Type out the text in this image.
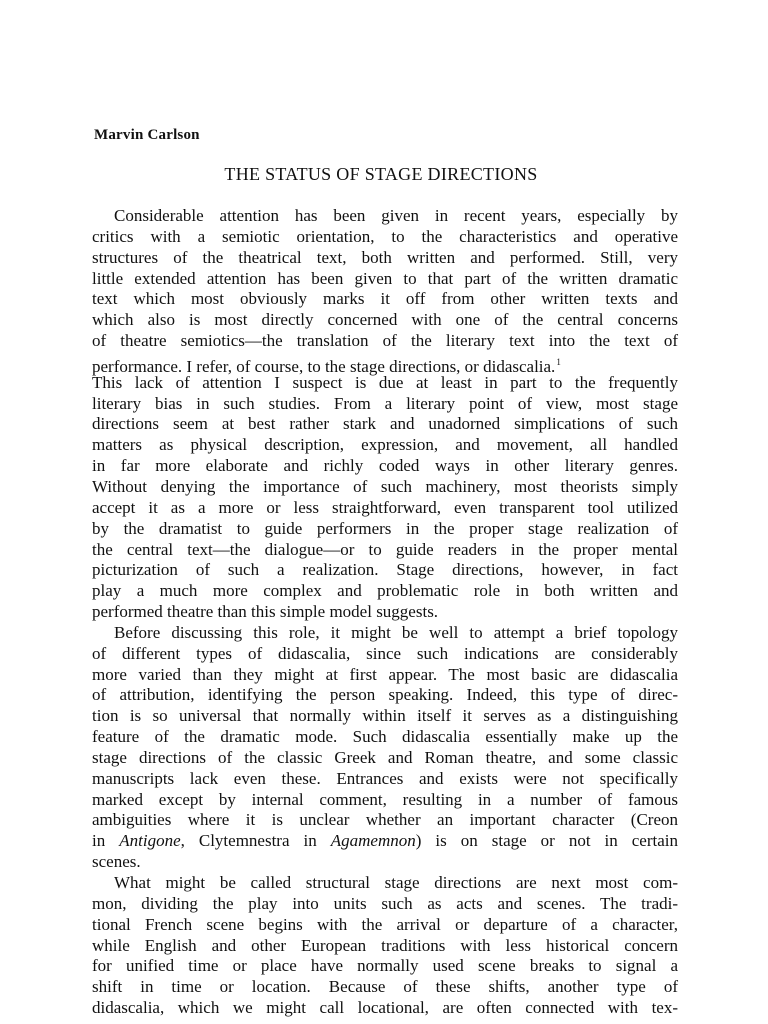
Marvin Carlson
THE STATUS OF STAGE DIRECTIONS
Considerable attention has been given in recent years, especially by
critics with a semiotic orientation, to the characteristics and operative
structures of the theatrical text, both written and performed. Still, very
little extended attention has been given to that part of the written dramatic
text which most obviously marks it off from other written texts and
which also is most directly concerned with one of the central concerns
of theatre semiotics—the translation of the literary text into the text of
performance. I refer, of course, to the stage directions, or didascalia.$^1$
This lack of attention I suspect is due at least in part to the frequently
literary bias in such studies. From a literary point of view, most stage
directions seem at best rather stark and unadorned simplications of such
matters as physical description, expression, and movement, all handled
in far more elaborate and richly coded ways in other literary genres.
Without denying the importance of such machinery, most theorists simply
accept it as a more or less straightforward, even transparent tool utilized
by the dramatist to guide performers in the proper stage realization of
the central text—the dialogue—or to guide readers in the proper mental
picturization of such a realization. Stage directions, however, in fact
play a much more complex and problematic role in both written and
performed theatre than this simple model suggests.
Before discussing this role, it might be well to attempt a brief topology
of different types of didascalia, since such indications are considerably
more varied than they might at first appear. The most basic are didascalia
of attribution, identifying the person speaking. Indeed, this type of direc-
tion is so universal that normally within itself it serves as a distinguishing
feature of the dramatic mode. Such didascalia essentially make up the
stage directions of the classic Greek and Roman theatre, and some classic
manuscripts lack even these. Entrances and exists were not specifically
marked except by internal comment, resulting in a number of famous
ambiguities where it is unclear whether an important character (Creon
in Antigone, Clytemnestra in Agamemnon) is on stage or not in certain
scenes.
What might be called structural stage directions are next most com-
mon, dividing the play into units such as acts and scenes. The tradi-
tional French scene begins with the arrival or departure of a character,
while English and other European traditions with less historical concern
for unified time or place have normally used scene breaks to signal a
shift in time or location. Because of these shifts, another type of
didascalia, which we might call locational, are often connected with tex-
